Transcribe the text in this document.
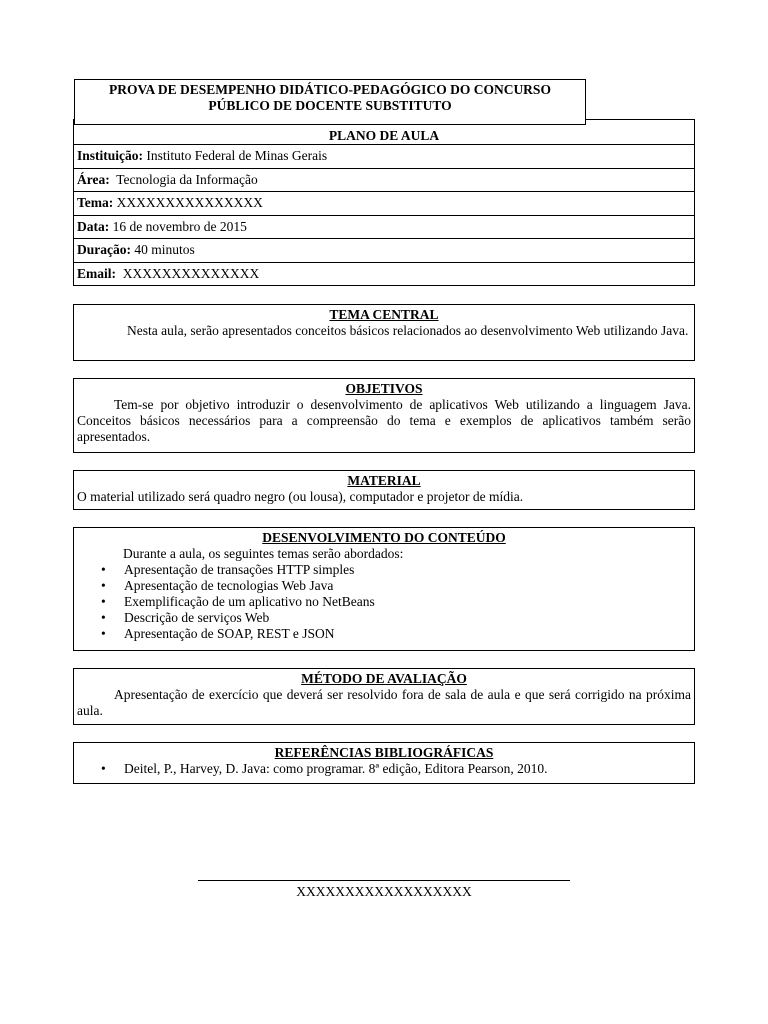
PROVA DE DESEMPENHO DIDÁTICO-PEDAGÓGICO DO CONCURSO
PÚBLICO DE DOCENTE SUBSTITUTO
PLANO DE AULA
Instituição: Instituto Federal de Minas Gerais
Área:  Tecnologia da Informação
Tema: XXXXXXXXXXXXXXX
Data: 16 de novembro de 2015
Duração: 40 minutos
Email:  XXXXXXXXXXXXXX
TEMA CENTRAL

Nesta aula, serão apresentados conceitos básicos relacionados ao desenvolvimento Web utilizando Java.

OBJETIVOS

Tem-se por objetivo introduzir o desenvolvimento de aplicativos Web utilizando a linguagem Java. Conceitos básicos necessários para a compreensão do tema e exemplos de aplicativos também serão apresentados.

MATERIAL

O material utilizado será quadro negro (ou lousa), computador e projetor de mídia.

DESENVOLVIMENTO DO CONTEÚDO

Durante a aula, os seguintes temas serão abordados:

• Apresentação de transações HTTP simples
• Apresentação de tecnologias Web Java
• Exemplificação de um aplicativo no NetBeans
• Descrição de serviços Web
• Apresentação de SOAP, REST e JSON
MÉTODO DE AVALIAÇÃO

Apresentação de exercício que deverá ser resolvido fora de sala de aula e que será corrigido na próxima aula.

REFERÊNCIAS BIBLIOGRÁFICAS
• Deitel, P., Harvey, D. Java: como programar. 8ª edição, Editora Pearson, 2010.
XXXXXXXXXXXXXXXXXX
